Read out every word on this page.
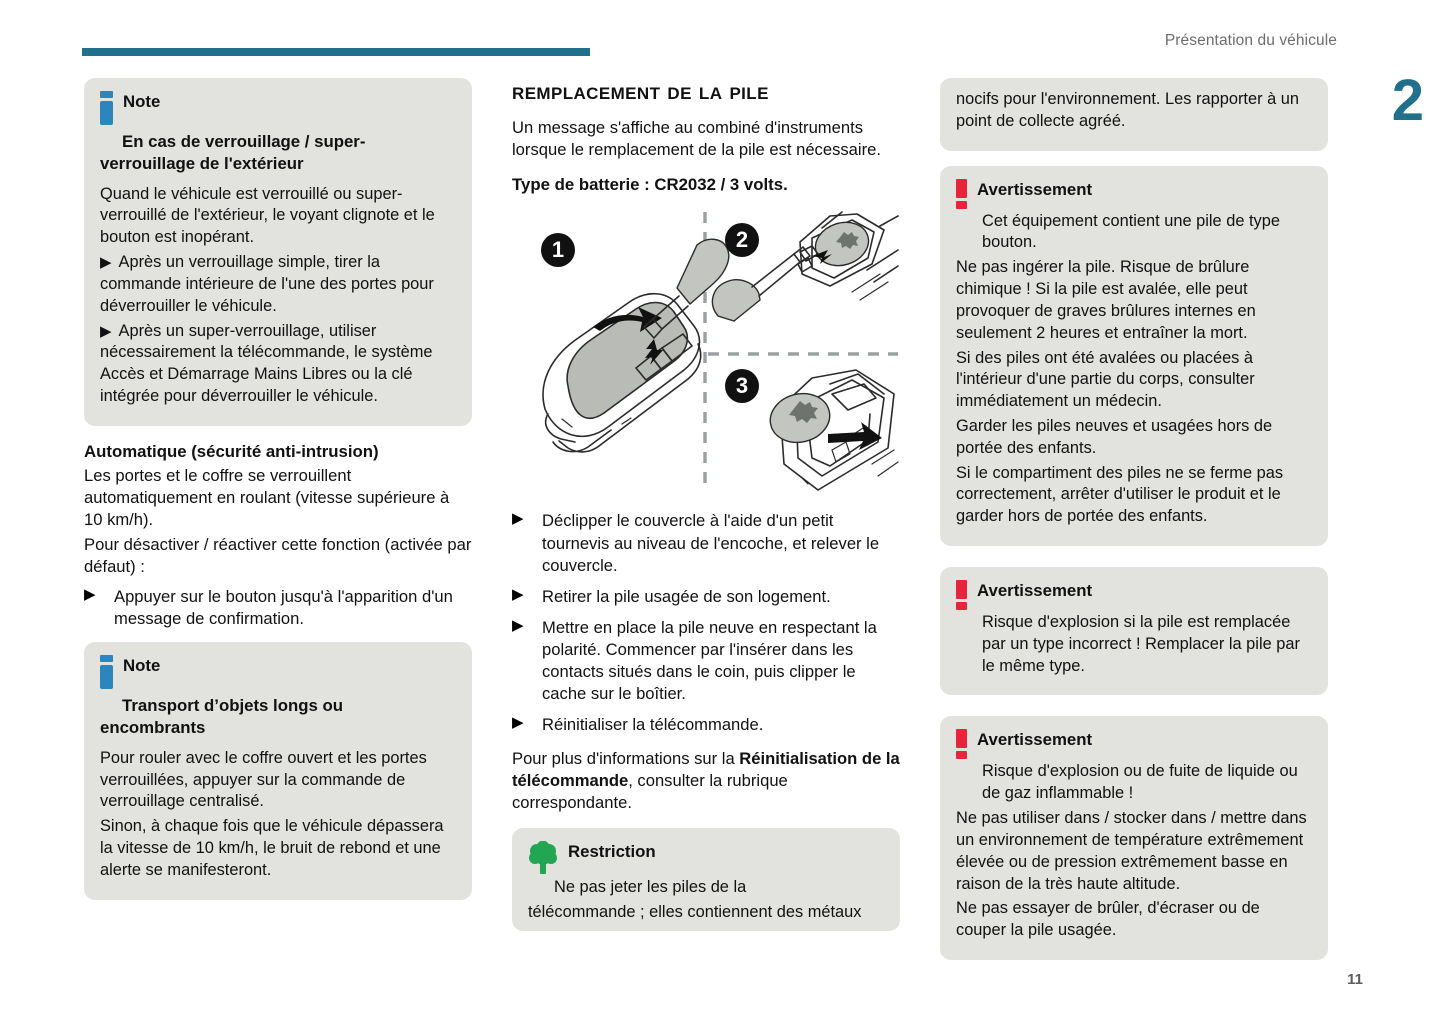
Présentation du véhicule
2
11
Note
En cas de verrouillage / super-
verrouillage de l'extérieur

Quand le véhicule est verrouillé ou super-verrouillé de l'extérieur, le voyant clignote et le bouton est inopérant.

▶ Après un verrouillage simple, tirer la commande intérieure de l'une des portes pour déverrouiller le véhicule.

▶ Après un super-verrouillage, utiliser nécessairement la télécommande, le système Accès et Démarrage Mains Libres ou la clé intégrée pour déverrouiller le véhicule.

Automatique (sécurité anti-intrusion)

Les portes et le coffre se verrouillent automatiquement en roulant (vitesse supérieure à 10 km/h).

Pour désactiver / réactiver cette fonction (activée par défaut) :

▶ Appuyer sur le bouton jusqu'à l'apparition d'un message de confirmation.
Note
Transport d’objets longs ou
encombrants

Pour rouler avec le coffre ouvert et les portes verrouillées, appuyer sur la commande de verrouillage centralisé.

Sinon, à chaque fois que le véhicule dépassera la vitesse de 10 km/h, le bruit de rebond et une alerte se manifesteront.

remplacement de la pile

Un message s'affiche au combiné d'instruments lorsque le remplacement de la pile est nécessaire.

Type de batterie : CR2032 / 3 volts.

1	2
3
▶ Déclipper le couvercle à l'aide d'un petit tournevis au niveau de l'encoche, et relever le couvercle.
▶ Retirer la pile usagée de son logement.
▶ Mettre en place la pile neuve en respectant la polarité. Commencer par l'insérer dans les contacts situés dans le coin, puis clipper le cache sur le boîtier.
▶ Réinitialiser la télécommande.

Pour plus d'informations sur la Réinitialisation de la télécommande, consulter la rubrique correspondante.

Restriction

Ne pas jeter les piles de la

télécommande ; elles contiennent des métaux

nocifs pour l'environnement. Les rapporter à un point de collecte agréé.

Avertissement

Cet équipement contient une pile de type bouton.

Ne pas ingérer la pile. Risque de brûlure chimique ! Si la pile est avalée, elle peut provoquer de graves brûlures internes en seulement 2 heures et entraîner la mort.

Si des piles ont été avalées ou placées à l'intérieur d'une partie du corps, consulter immédiatement un médecin.

Garder les piles neuves et usagées hors de portée des enfants.

Si le compartiment des piles ne se ferme pas correctement, arrêter d'utiliser le produit et le garder hors de portée des enfants.

Avertissement

Risque d'explosion si la pile est remplacée par un type incorrect ! Remplacer la pile par le même type.

Avertissement

Risque d'explosion ou de fuite de liquide ou de gaz inflammable !

Ne pas utiliser dans / stocker dans / mettre dans un environnement de température extrêmement élevée ou de pression extrêmement basse en raison de la très haute altitude.

Ne pas essayer de brûler, d'écraser ou de couper la pile usagée.
